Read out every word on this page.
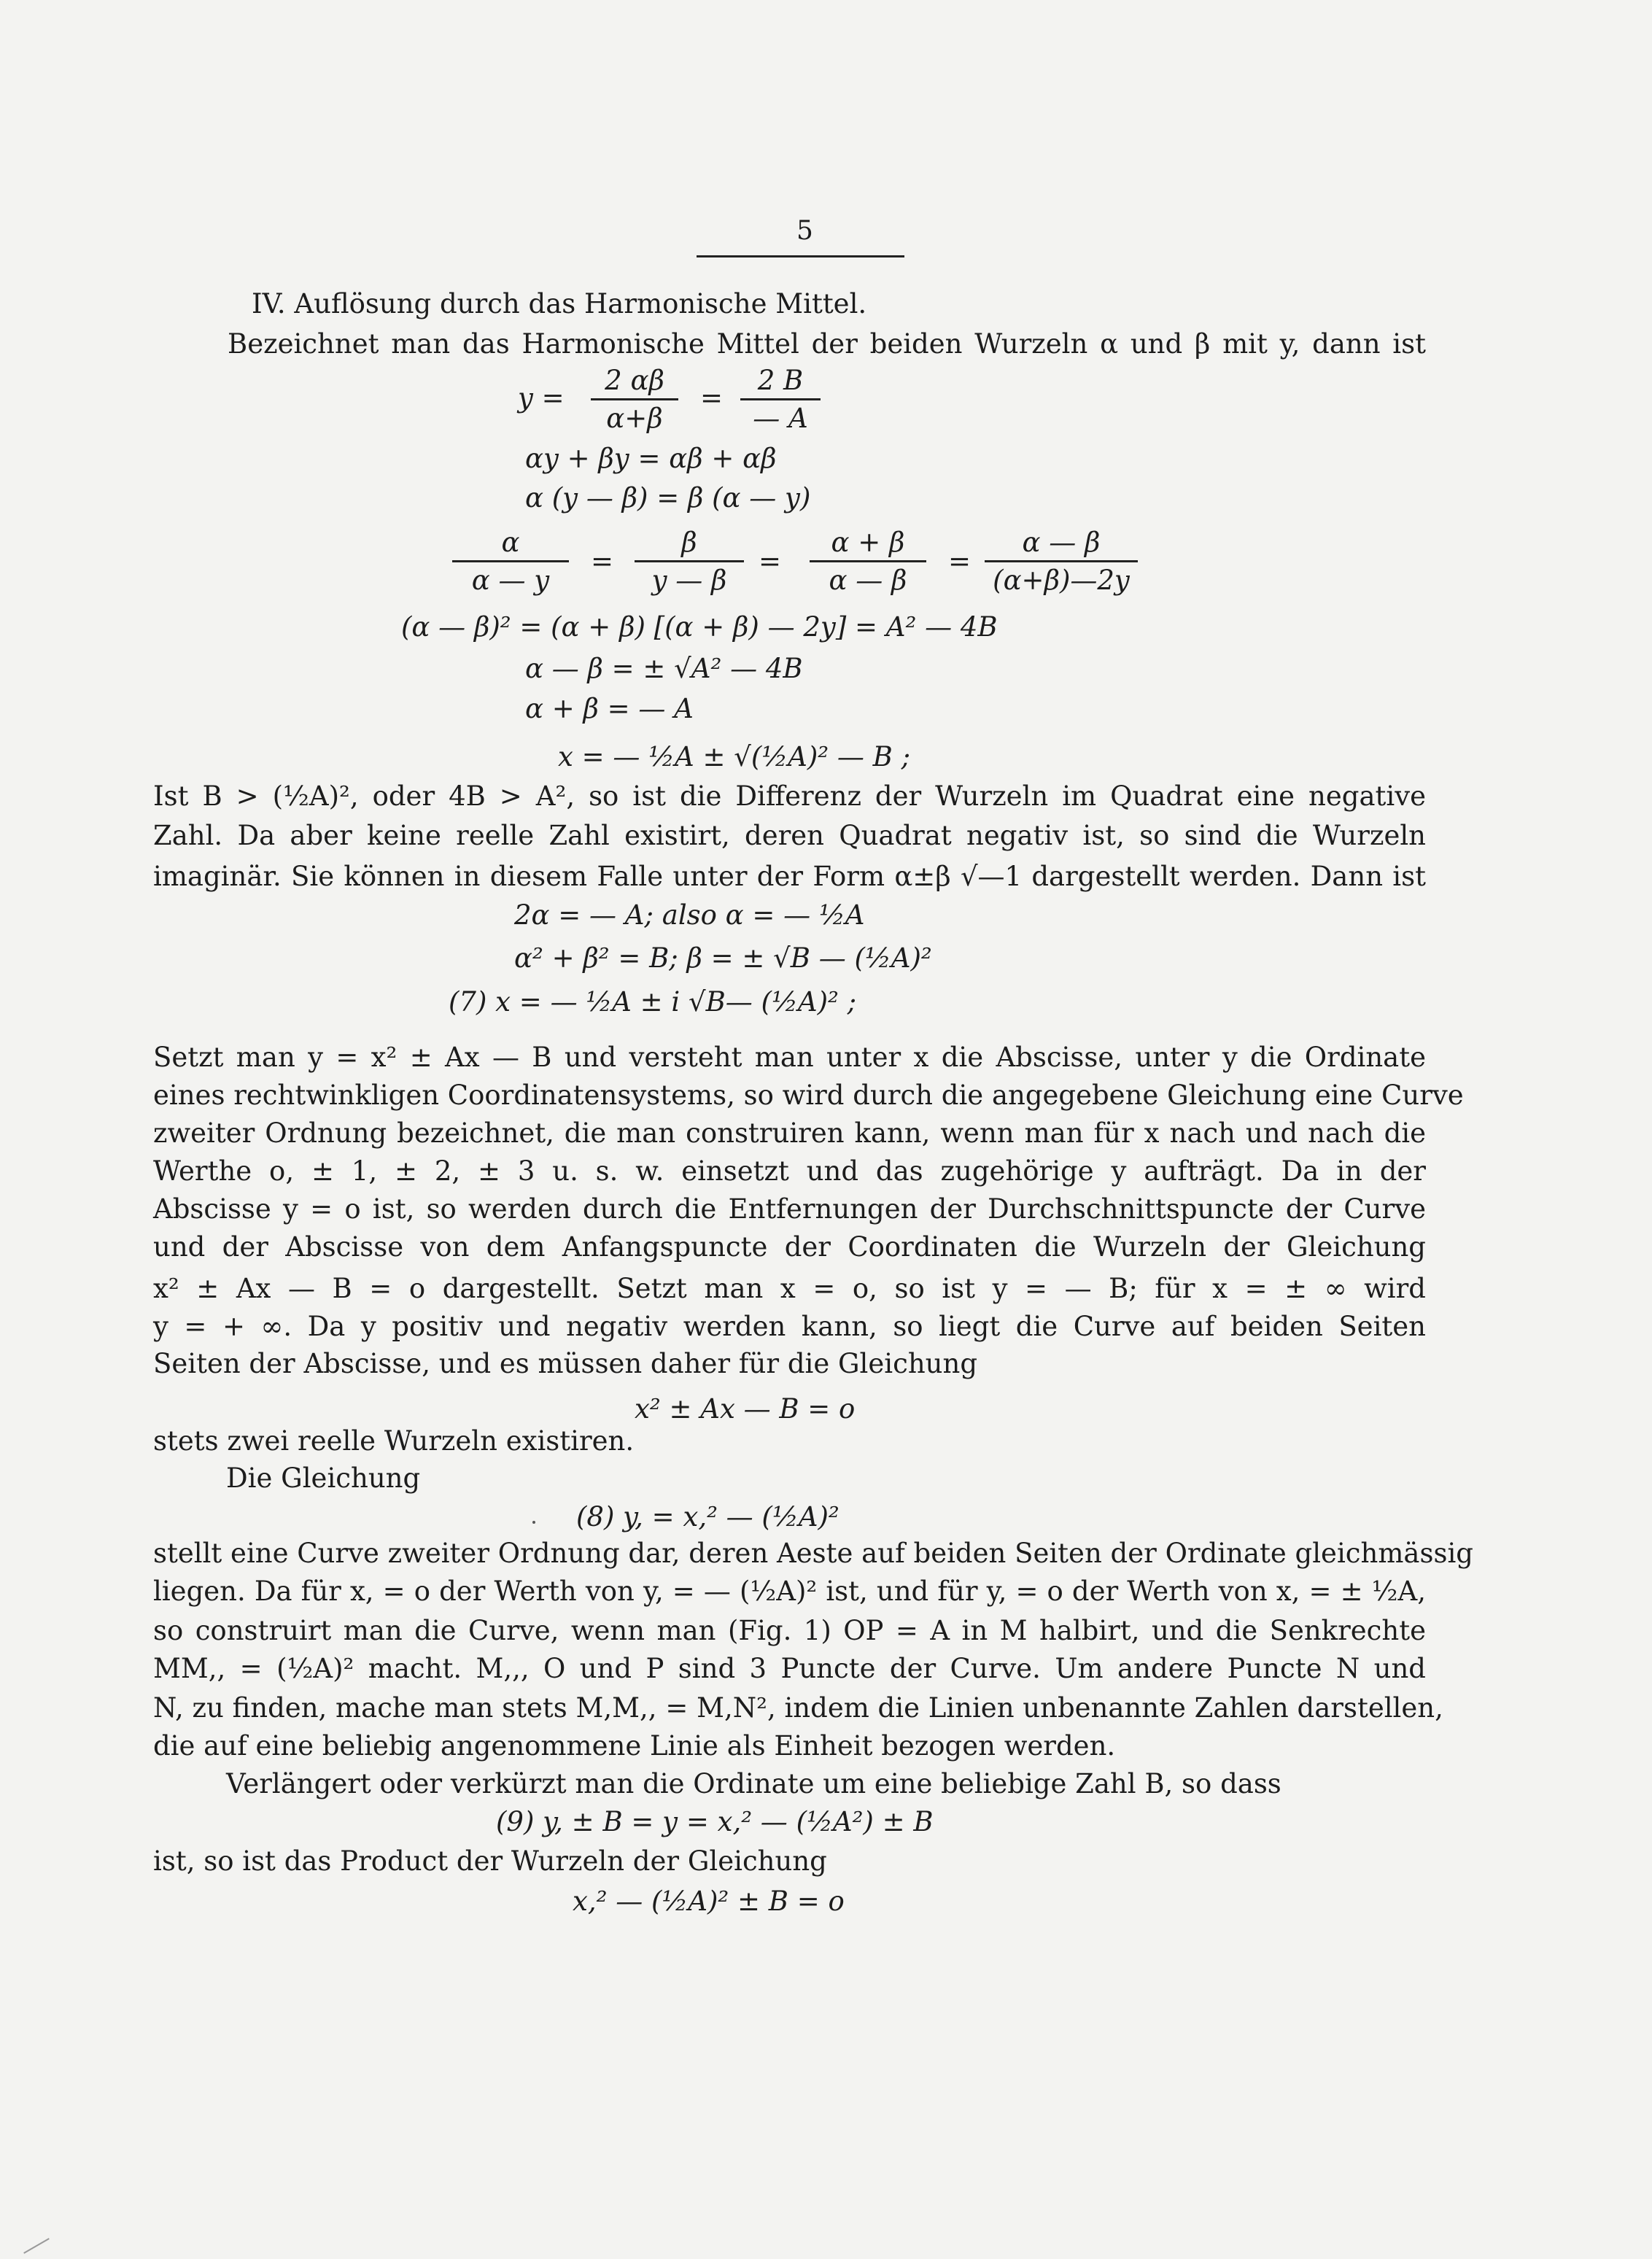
5
IV. Auflösung durch das Harmonische Mittel.
Bezeichnet man das Harmonische Mittel der beiden Wurzeln α und β mit y, dann ist
y =
2 αβ
α+β
=
2 B
— A
αy + βy = αβ + αβ
α (y — β) = β (α — y)
α
α — y
=
β
y — β
=
α + β
α — β
=
α — β
(α+β)—2y
(α — β)² = (α + β) [(α + β) — 2y] = A² — 4B
α — β = ± √A² — 4B
α + β = — A
x = — ½A ± √(½A)² — B ;
Ist B > (½A)², oder 4B > A², so ist die Differenz der Wurzeln im Quadrat eine negative
Zahl. Da aber keine reelle Zahl existirt, deren Quadrat negativ ist, so sind die Wurzeln
imaginär. Sie können in diesem Falle unter der Form α±β √—1 dargestellt werden. Dann ist
2α = — A; also α = — ½A
α² + β² = B; β = ± √B — (½A)²
(7) x = — ½A ± i √B— (½A)² ;
Setzt man y = x² ± Ax — B und versteht man unter x die Abscisse, unter y die Ordinate
eines rechtwinkligen Coordinatensystems, so wird durch die angegebene Gleichung eine Curve
zweiter Ordnung bezeichnet, die man construiren kann, wenn man für x nach und nach die
Werthe o, ± 1, ± 2, ± 3 u. s. w. einsetzt und das zugehörige y aufträgt. Da in der
Abscisse y = o ist, so werden durch die Entfernungen der Durchschnittspuncte der Curve
und der Abscisse von dem Anfangspuncte der Coordinaten die Wurzeln der Gleichung
x² ± Ax — B = o dargestellt. Setzt man x = o, so ist y = — B; für x = ± ∞ wird
y = + ∞. Da y positiv und negativ werden kann, so liegt die Curve auf beiden Seiten
Seiten der Abscisse, und es müssen daher für die Gleichung
x² ± Ax — B = o
stets zwei reelle Wurzeln existiren.
Die Gleichung
(8) y, = x,² — (½A)²
stellt eine Curve zweiter Ordnung dar, deren Aeste auf beiden Seiten der Ordinate gleichmässig
liegen. Da für x, = o der Werth von y, = — (½A)² ist, und für y, = o der Werth von x, = ± ½A,
so construirt man die Curve, wenn man (Fig. 1) OP = A in M halbirt, und die Senkrechte
MM,, = (½A)² macht. M,,, O und P sind 3 Puncte der Curve. Um andere Puncte N und
N, zu finden, mache man stets M,M,, = M,N², indem die Linien unbenannte Zahlen darstellen,
die auf eine beliebig angenommene Linie als Einheit bezogen werden.
Verlängert oder verkürzt man die Ordinate um eine beliebige Zahl B, so dass
(9) y, ± B = y = x,² — (½A²) ± B
ist, so ist das Product der Wurzeln der Gleichung
x,² — (½A)² ± B = o
